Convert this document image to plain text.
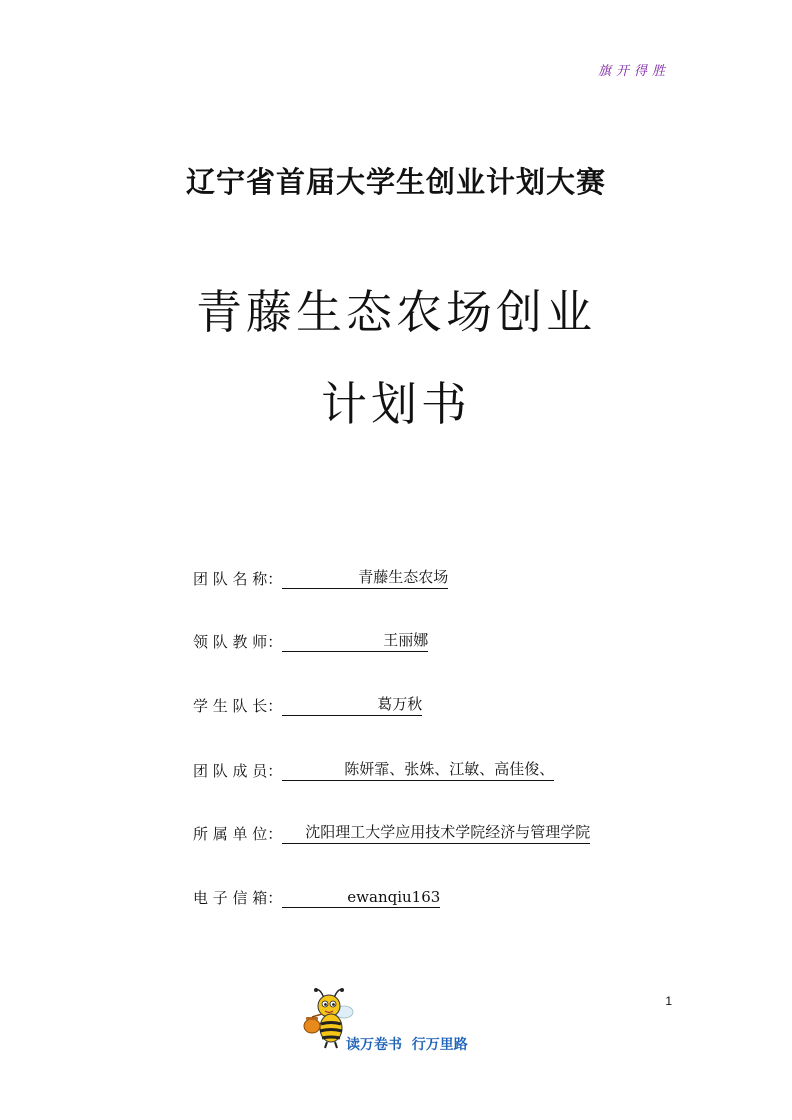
旗开得胜
辽宁省首届大学生创业计划大赛
青藤生态农场创业
计划书
团 队 名 称：	青藤生态农场
领 队 教 师：	王丽娜
学 生 队 长：	葛万秋
团 队 成 员：	陈妍霏、张姝、江敏、高佳俊、
所 属 单 位：	沈阳理工大学应用技术学院经济与管理学院
电 子 信 箱：	ewanqiu163
1
读万卷书  行万里路
